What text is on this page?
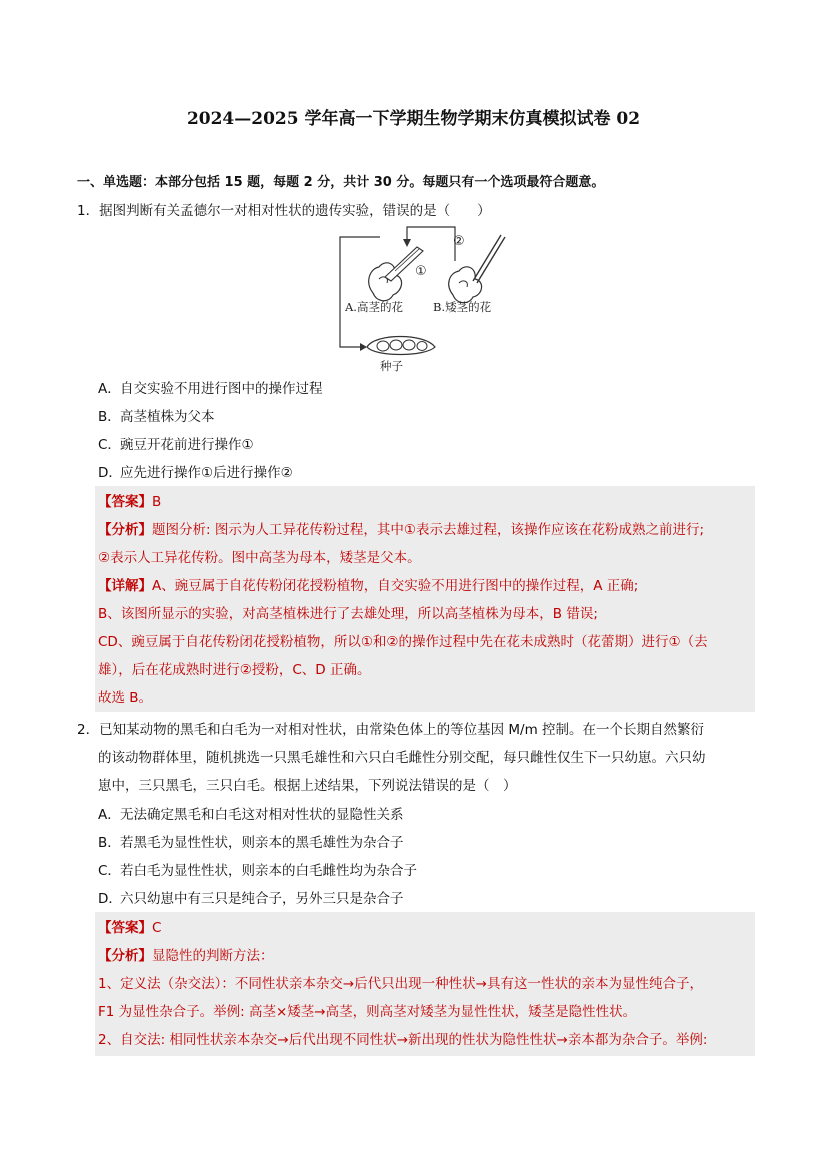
2024—2025 学年高一下学期生物学期末仿真模拟试卷 02
一、单选题：本部分包括 15 题，每题 2 分，共计 30 分。每题只有一个选项最符合题意。
1．据图判断有关孟德尔一对相对性状的遗传实验，错误的是（　　）
①
②
A.高茎的花	B.矮茎的花
种子
A．自交实验不用进行图中的操作过程
B．高茎植株为父本
C．豌豆开花前进行操作①
D．应先进行操作①后进行操作②
【答案】B
【分析】题图分析: 图示为人工异花传粉过程，其中①表示去雄过程，该操作应该在花粉成熟之前进行;
②表示人工异花传粉。图中高茎为母本，矮茎是父本。
【详解】A、豌豆属于自花传粉闭花授粉植物，自交实验不用进行图中的操作过程，A 正确;
B、该图所显示的实验，对高茎植株进行了去雄处理，所以高茎植株为母本，B 错误;
CD、豌豆属于自花传粉闭花授粉植物，所以①和②的操作过程中先在花未成熟时（花蕾期）进行①（去
雄），后在花成熟时进行②授粉，C、D 正确。
故选 B。
2．已知某动物的黑毛和白毛为一对相对性状，由常染色体上的等位基因 M/m 控制。在一个长期自然繁衍
的该动物群体里，随机挑选一只黑毛雄性和六只白毛雌性分别交配，每只雌性仅生下一只幼崽。六只幼
崽中，三只黑毛，三只白毛。根据上述结果，下列说法错误的是（　）
A．无法确定黑毛和白毛这对相对性状的显隐性关系
B．若黑毛为显性性状，则亲本的黑毛雄性为杂合子
C．若白毛为显性性状，则亲本的白毛雌性均为杂合子
D．六只幼崽中有三只是纯合子，另外三只是杂合子
【答案】C
【分析】显隐性的判断方法：
1、定义法（杂交法）：不同性状亲本杂交→后代只出现一种性状→具有这一性状的亲本为显性纯合子，
F1 为显性杂合子。举例: 高茎×矮茎→高茎，则高茎对矮茎为显性性状，矮茎是隐性性状。
2、自交法: 相同性状亲本杂交→后代出现不同性状→新出现的性状为隐性性状→亲本都为杂合子。举例:
